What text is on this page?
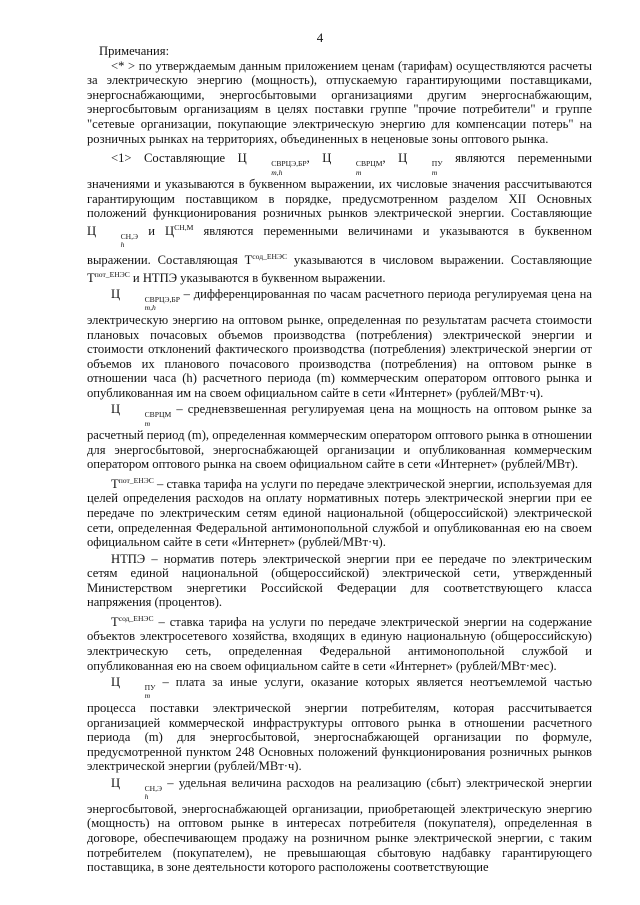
4

Примечания:

<* > по утверждаемым данным приложением ценам (тарифам) осуществляются расчеты за электрическую энергию (мощность), отпускаемую гарантирующими поставщиками, энергоснабжающими, энергосбытовыми организациями другим энергоснабжающим, энергосбытовым организациям в целях поставки группе "прочие потребители" и группе "сетевые организации, покупающие электрическую энергию для компенсации потерь" на розничных рынках на территориях, объединенных в неценовые зоны оптового рынка.

<1> Составляющие Ц	СВРЦЭ,БР
m,h
, Ц	СВРЦМ
m
, Ц	ПУ
m
являются переменными значениями и указываются в буквенном выражении, их числовые значения рассчитываются гарантирующим поставщиком в порядке, предусмотренном разделом XII Основных положений функционирования розничных рынков электрической энергии. Составляющие Ц	СН,Э
h
и $Ц^{СН,М}$ являются переменными величинами и указываются в буквенном выражении. Составляющая $Т^{сод\_ЕНЭС}$ указываются в числовом выражении. Составляющие $Т^{пот\_ЕНЭС}$ и НТПЭ указываются в буквенном выражении.

Ц	СВРЦЭ,БР
m,h
– дифференцированная по часам расчетного периода регулируемая цена на электрическую энергию на оптовом рынке, определенная по результатам расчета стоимости плановых почасовых объемов производства (потребления) электрической энергии и стоимости отклонений фактического производства (потребления) электрической энергии от объемов их планового почасового производства (потребления) на оптовом рынке в отношении часа (h) расчетного периода (m) коммерческим оператором оптового рынка и опубликованная им на своем официальном сайте в сети «Интернет» (рублей/МВт·ч).

Ц	СВРЦМ
m
– средневзвешенная регулируемая цена на мощность на оптовом рынке за расчетный период (m), определенная коммерческим оператором оптового рынка в отношении для энергосбытовой, энергоснабжающей организации и опубликованная коммерческим оператором оптового рынка на своем официальном сайте в сети «Интернет» (рублей/МВт).

$Т^{пот\_ЕНЭС}$ – ставка тарифа на услуги по передаче электрической энергии, используемая для целей определения расходов на оплату нормативных потерь электрической энергии при ее передаче по электрическим сетям единой национальной (общероссийской) электрической сети, определенная Федеральной антимонопольной службой и опубликованная ею на своем официальном сайте в сети «Интернет» (рублей/МВт·ч).

НТПЭ – норматив потерь электрической энергии при ее передаче по электрическим сетям единой национальной (общероссийской) электрической сети, утвержденный Министерством энергетики Российской Федерации для соответствующего класса напряжения (процентов).

$Т^{сод\_ЕНЭС}$ – ставка тарифа на услуги по передаче электрической энергии на содержание объектов электросетевого хозяйства, входящих в единую национальную (общероссийскую) электрическую сеть, определенная Федеральной антимонопольной службой и опубликованная ею на своем официальном сайте в сети «Интернет» (рублей/МВт·мес).

Ц	ПУ
m
– плата за иные услуги, оказание которых является неотъемлемой частью процесса поставки электрической энергии потребителям, которая рассчитывается организацией коммерческой инфраструктуры оптового рынка в отношении расчетного периода (m) для энергосбытовой, энергоснабжающей организации по формуле, предусмотренной пунктом 248 Основных положений функционирования розничных рынков электрической энергии (рублей/МВт·ч).

Ц	СН,Э
h
– удельная величина расходов на реализацию (сбыт) электрической энергии энергосбытовой, энергоснабжающей организации, приобретающей электрическую энергию (мощность) на оптовом рынке в интересах потребителя (покупателя), определенная в договоре, обеспечивающем продажу на розничном рынке электрической энергии, с таким потребителем (покупателем), не превышающая сбытовую надбавку гарантирующего поставщика, в зоне деятельности которого расположены соответствующие
